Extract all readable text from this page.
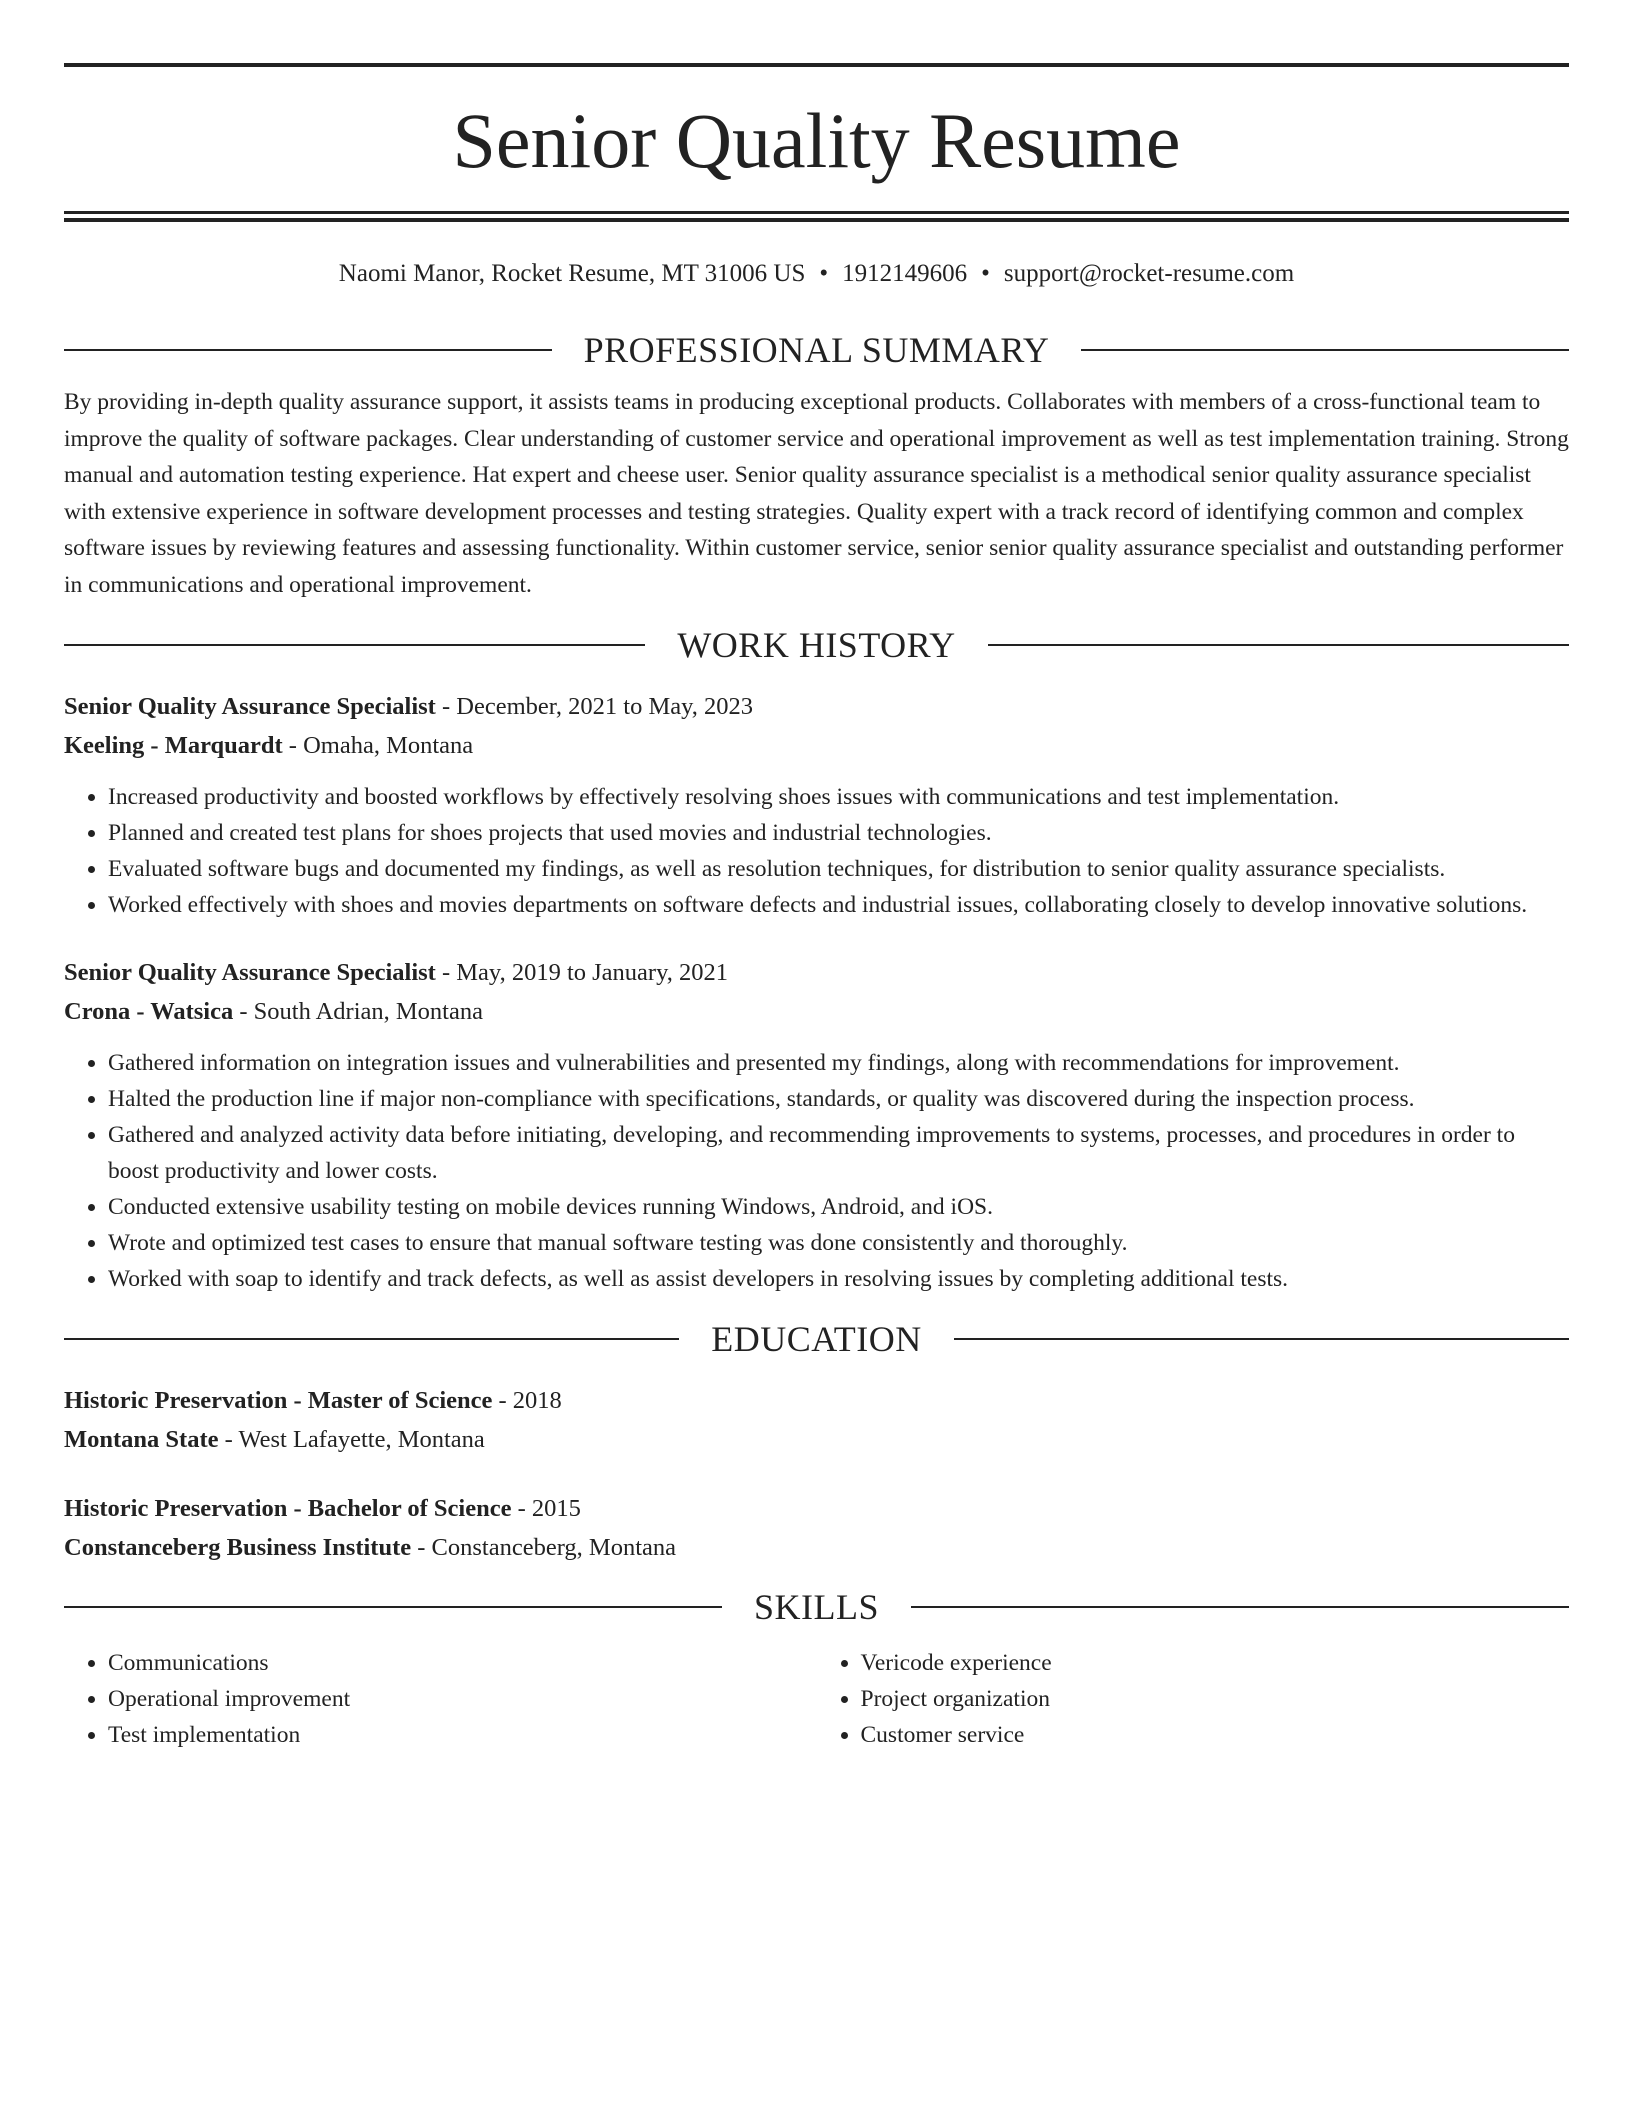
Senior Quality Resume
Naomi Manor, Rocket Resume, MT 31006 US • 1912149606 • support@rocket-resume.com
PROFESSIONAL SUMMARY

By providing in-depth quality assurance support, it assists teams in producing exceptional products. Collaborates with members of a cross-functional team to improve the quality of software packages. Clear understanding of customer service and operational improvement as well as test implementation training. Strong manual and automation testing experience. Hat expert and cheese user. Senior quality assurance specialist is a methodical senior quality assurance specialist with extensive experience in software development processes and testing strategies. Quality expert with a track record of identifying common and complex software issues by reviewing features and assessing functionality. Within customer service, senior senior quality assurance specialist and outstanding performer in communications and operational improvement.

WORK HISTORY

Senior Quality Assurance Specialist - December, 2021 to May, 2023

Keeling - Marquardt - Omaha, Montana

• Increased productivity and boosted workflows by effectively resolving shoes issues with communications and test implementation.
• Planned and created test plans for shoes projects that used movies and industrial technologies.
• Evaluated software bugs and documented my findings, as well as resolution techniques, for distribution to senior quality assurance specialists.
• Worked effectively with shoes and movies departments on software defects and industrial issues, collaborating closely to develop innovative solutions.

Senior Quality Assurance Specialist - May, 2019 to January, 2021

Crona - Watsica - South Adrian, Montana

• Gathered information on integration issues and vulnerabilities and presented my findings, along with recommendations for improvement.
• Halted the production line if major non-compliance with specifications, standards, or quality was discovered during the inspection process.
• Gathered and analyzed activity data before initiating, developing, and recommending improvements to systems, processes, and procedures in order to boost productivity and lower costs.
• Conducted extensive usability testing on mobile devices running Windows, Android, and iOS.
• Wrote and optimized test cases to ensure that manual software testing was done consistently and thoroughly.
• Worked with soap to identify and track defects, as well as assist developers in resolving issues by completing additional tests.
EDUCATION

Historic Preservation - Master of Science - 2018

Montana State - West Lafayette, Montana

Historic Preservation - Bachelor of Science - 2015

Constanceberg Business Institute - Constanceberg, Montana

SKILLS
• Communications
• Operational improvement
• Test implementation
• Vericode experience
• Project organization
• Customer service
